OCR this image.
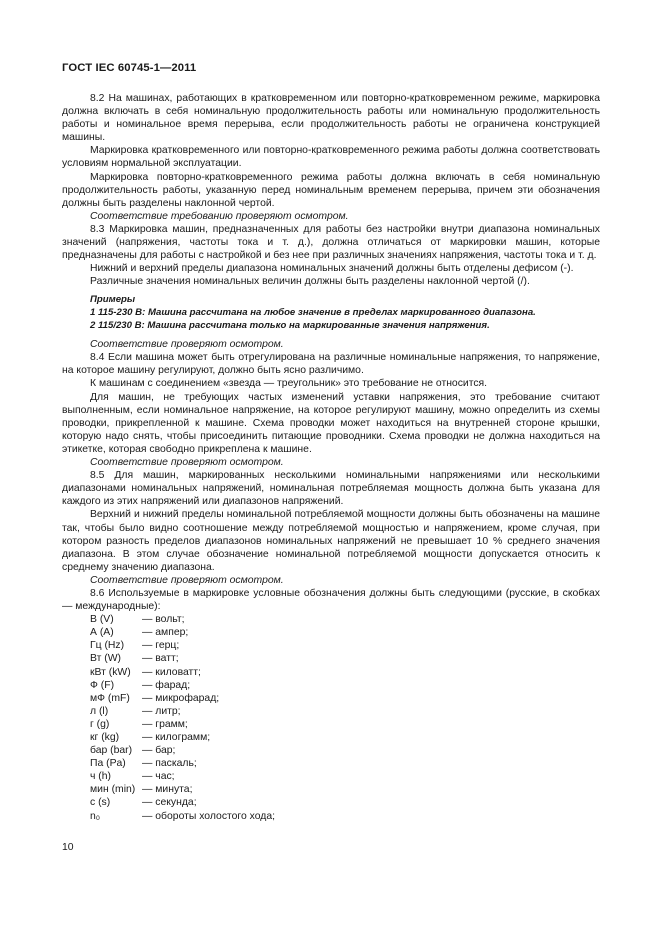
ГОСТ IEC 60745-1—2011

8.2 На машинах, работающих в кратковременном или повторно-кратковременном режиме, маркировка должна включать в себя номинальную продолжительность работы или номинальную продолжительность работы и номинальное время перерыва, если продолжительность работы не ограничена конструкцией машины.

Маркировка кратковременного или повторно-кратковременного режима работы должна соответствовать условиям нормальной эксплуатации.

Маркировка повторно-кратковременного режима работы должна включать в себя номинальную продолжительность работы, указанную перед номинальным временем перерыва, причем эти обозначения должны быть разделены наклонной чертой.

Соответствие требованию проверяют осмотром.

8.3 Маркировка машин, предназначенных для работы без настройки внутри диапазона номинальных значений (напряжения, частоты тока и т. д.), должна отличаться от маркировки машин, которые предназначены для работы с настройкой и без нее при различных значениях напряжения, частоты тока и т. д.

Нижний и верхний пределы диапазона номинальных значений должны быть отделены дефисом (-).

Различные значения номинальных величин должны быть разделены наклонной чертой (/).

Примеры

1 115-230 В: Машина рассчитана на любое значение в пределах маркированного диапазона.

2 115/230 В: Машина рассчитана только на маркированные значения напряжения.

Соответствие проверяют осмотром.

8.4 Если машина может быть отрегулирована на различные номинальные напряжения, то напряжение, на которое машину регулируют, должно быть ясно различимо.

К машинам с соединением «звезда — треугольник» это требование не относится.

Для машин, не требующих частых изменений уставки напряжения, это требование считают выполненным, если номинальное напряжение, на которое регулируют машину, можно определить из схемы проводки, прикрепленной к машине. Схема проводки может находиться на внутренней стороне крышки, которую надо снять, чтобы присоединить питающие проводники. Схема проводки не должна находиться на этикетке, которая свободно прикреплена к машине.

Соответствие проверяют осмотром.

8.5 Для машин, маркированных несколькими номинальными напряжениями или несколькими диапазонами номинальных напряжений, номинальная потребляемая мощность должна быть указана для каждого из этих напряжений или диапазонов напряжений.

Верхний и нижний пределы номинальной потребляемой мощности должны быть обозначены на машине так, чтобы было видно соотношение между потребляемой мощностью и напряжением, кроме случая, при котором разность пределов диапазонов номинальных напряжений не превышает 10 % среднего значения диапазона. В этом случае обозначение номинальной потребляемой мощности допускается относить к среднему значению диапазона.

Соответствие проверяют осмотром.

8.6 Используемые в маркировке условные обозначения должны быть следующими (русские, в скобках — международные):

В (V)	— вольт;
А (А)	— ампер;
Гц (Hz)	— герц;
Вт (W)	— ватт;
кВт (kW)	— киловатт;
Ф (F)	— фарад;
мФ (mF)	— микрофарад;
л (l)	— литр;
г (g)	— грамм;
кг (kg)	— килограмм;
бар (bar) — бар;
Па (Pa)	— паскаль;
ч (h)	— час;
мин (min) — минута;
с (s)	— секунда;
n₀	— обороты холостого хода;
10
